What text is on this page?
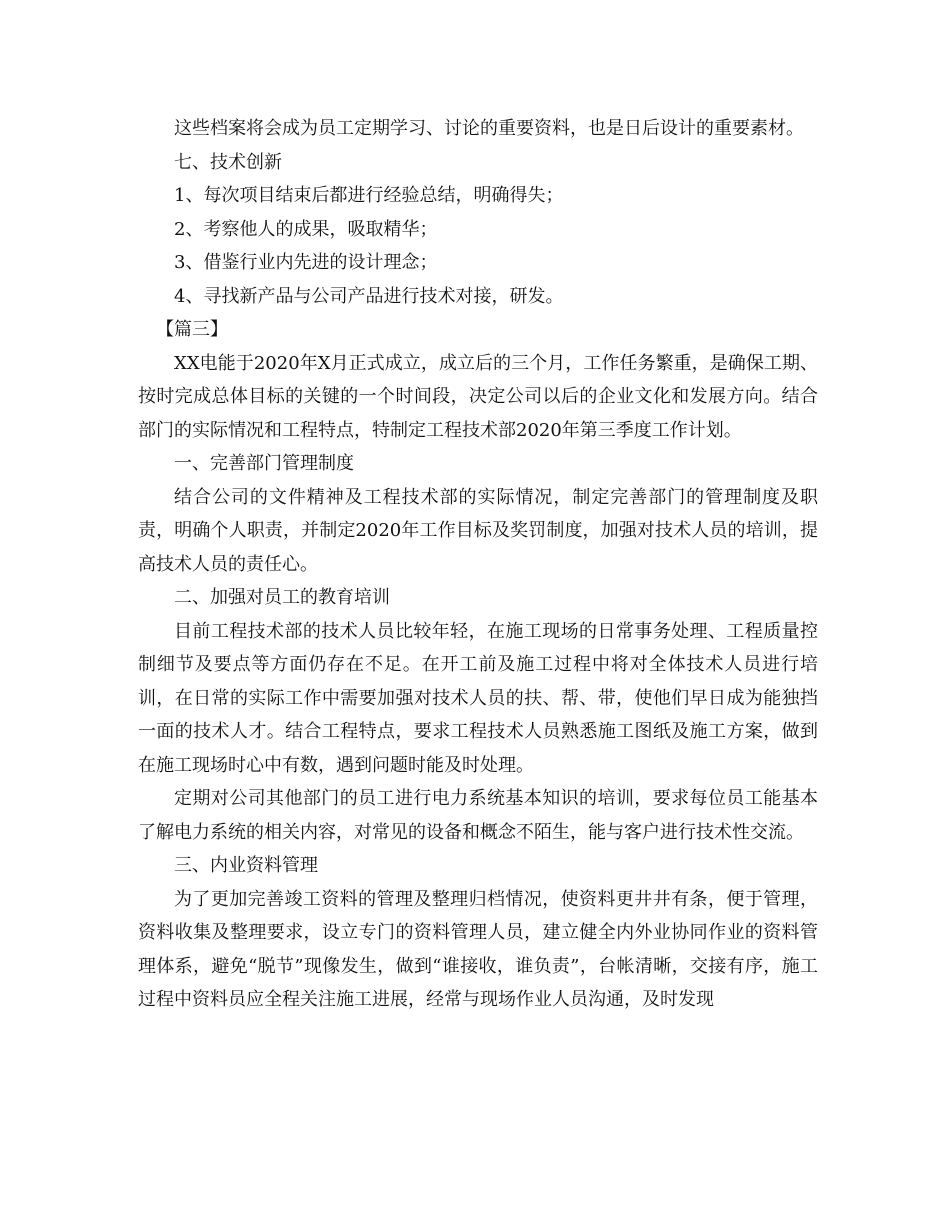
这些档案将会成为员工定期学习、讨论的重要资料，也是日后设计的重要素材。

七、技术创新

1、每次项目结束后都进行经验总结，明确得失；

2、考察他人的成果，吸取精华；

3、借鉴行业内先进的设计理念；

4、寻找新产品与公司产品进行技术对接，研发。

【篇三】

XX电能于2020年X月正式成立，成立后的三个月，工作任务繁重，是确保工期、按时完成总体目标的关键的一个时间段，决定公司以后的企业文化和发展方向。结合部门的实际情况和工程特点，特制定工程技术部2020年第三季度工作计划。

一、完善部门管理制度

结合公司的文件精神及工程技术部的实际情况，制定完善部门的管理制度及职责，明确个人职责，并制定2020年工作目标及奖罚制度，加强对技术人员的培训，提高技术人员的责任心。

二、加强对员工的教育培训

目前工程技术部的技术人员比较年轻，在施工现场的日常事务处理、工程质量控制细节及要点等方面仍存在不足。在开工前及施工过程中将对全体技术人员进行培训，在日常的实际工作中需要加强对技术人员的扶、帮、带，使他们早日成为能独挡一面的技术人才。结合工程特点，要求工程技术人员熟悉施工图纸及施工方案，做到在施工现场时心中有数，遇到问题时能及时处理。

定期对公司其他部门的员工进行电力系统基本知识的培训，要求每位员工能基本了解电力系统的相关内容，对常见的设备和概念不陌生，能与客户进行技术性交流。

三、内业资料管理

为了更加完善竣工资料的管理及整理归档情况，使资料更井井有条，便于管理，资料收集及整理要求，设立专门的资料管理人员，建立健全内外业协同作业的资料管理体系，避免“脱节”现像发生，做到“谁接收，谁负责”，台帐清晰，交接有序，施工过程中资料员应全程关注施工进展，经常与现场作业人员沟通，及时发现
